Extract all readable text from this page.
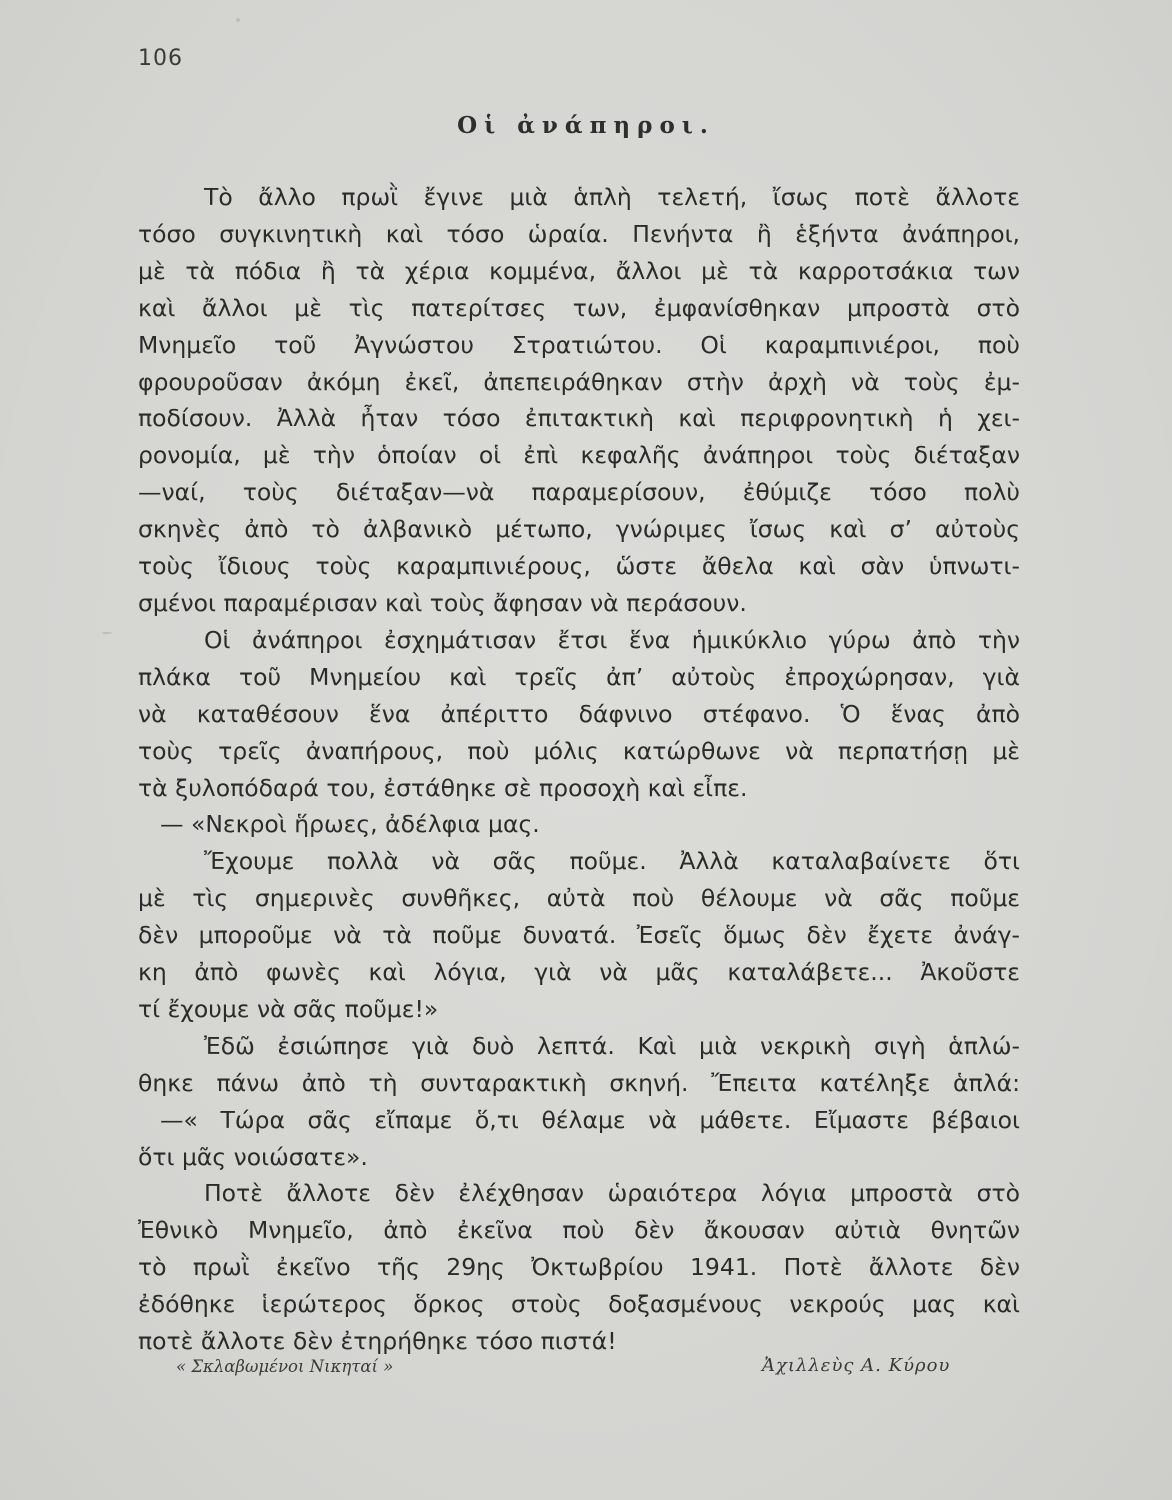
106
Οἱ ἀνάπηροι.
Τὸ ἄλλο πρωῒ ἔγινε μιὰ ἁπλὴ τελετή, ἴσως ποτὲ ἄλλοτε
τόσο συγκινητικὴ καὶ τόσο ὡραία. Πενήντα ἢ ἑξήντα ἀνάπηροι,
μὲ τὰ πόδια ἢ τὰ χέρια κομμένα, ἄλλοι μὲ τὰ καρροτσάκια των
καὶ ἄλλοι μὲ τὶς πατερίτσες των, ἐμφανίσθηκαν μπροστὰ στὸ
Μνημεῖο τοῦ Ἀγνώστου Στρατιώτου. Οἱ καραμπινιέροι, ποὺ
φρουροῦσαν ἀκόμη ἐκεῖ, ἀπεπειράθηκαν στὴν ἀρχὴ νὰ τοὺς ἐμ-
ποδίσουν. Ἀλλὰ ἦταν τόσο ἐπιτακτικὴ καὶ περιφρονητικὴ ἡ χει-
ρονομία, μὲ τὴν ὁποίαν οἱ ἐπὶ κεφαλῆς ἀνάπηροι τοὺς διέταξαν
—ναί, τοὺς διέταξαν—νὰ παραμερίσουν, ἐθύμιζε τόσο πολὺ
σκηνὲς ἀπὸ τὸ ἀλβανικὸ μέτωπο, γνώριμες ἴσως καὶ σ’ αὐτοὺς
τοὺς ἴδιους τοὺς καραμπινιέρους, ὥστε ἄθελα καὶ σὰν ὑπνωτι-
σμένοι παραμέρισαν καὶ τοὺς ἄφησαν νὰ περάσουν.
Οἱ ἀνάπηροι ἐσχημάτισαν ἔτσι ἕνα ἡμικύκλιο γύρω ἀπὸ τὴν
πλάκα τοῦ Μνημείου καὶ τρεῖς ἀπ’ αὐτοὺς ἐπροχώρησαν, γιὰ
νὰ καταθέσουν ἕνα ἀπέριττο δάφνινο στέφανο. Ὁ ἕνας ἀπὸ
τοὺς τρεῖς ἀναπήρους, ποὺ μόλις κατώρθωνε νὰ περπατήσῃ μὲ
τὰ ξυλοπόδαρά του, ἐστάθηκε σὲ προσοχὴ καὶ εἶπε.
— «Νεκροὶ ἥρωες, ἀδέλφια μας.
Ἔχουμε πολλὰ νὰ σᾶς ποῦμε. Ἀλλὰ καταλαβαίνετε ὅτι
μὲ τὶς σημερινὲς συνθῆκες, αὐτὰ ποὺ θέλουμε νὰ σᾶς ποῦμε
δὲν μποροῦμε νὰ τὰ ποῦμε δυνατά. Ἐσεῖς ὅμως δὲν ἔχετε ἀνάγ-
κη ἀπὸ φωνὲς καὶ λόγια, γιὰ νὰ μᾶς καταλάβετε... Ἀκοῦστε
τί ἔχουμε νὰ σᾶς ποῦμε!»
Ἐδῶ ἐσιώπησε γιὰ δυὸ λεπτά. Καὶ μιὰ νεκρικὴ σιγὴ ἁπλώ-
θηκε πάνω ἀπὸ τὴ συνταρακτικὴ σκηνή. Ἔπειτα κατέληξε ἁπλά:
—« Τώρα σᾶς εἴπαμε ὅ,τι θέλαμε νὰ μάθετε. Εἴμαστε βέβαιοι
ὅτι μᾶς νοιώσατε».
Ποτὲ ἄλλοτε δὲν ἐλέχθησαν ὡραιότερα λόγια μπροστὰ στὸ
Ἐθνικὸ Μνημεῖο, ἀπὸ ἐκεῖνα ποὺ δὲν ἄκουσαν αὐτιὰ θνητῶν
τὸ πρωῒ ἐκεῖνο τῆς 29ης Ὀκτωβρίου 1941. Ποτὲ ἄλλοτε δὲν
ἐδόθηκε ἱερώτερος ὅρκος στοὺς δοξασμένους νεκρούς μας καὶ
ποτὲ ἄλλοτε δὲν ἐτηρήθηκε τόσο πιστά!
« Σκλαβωμένοι Νικηταί »	Ἀχιλλεὺς Α. Κύρου
